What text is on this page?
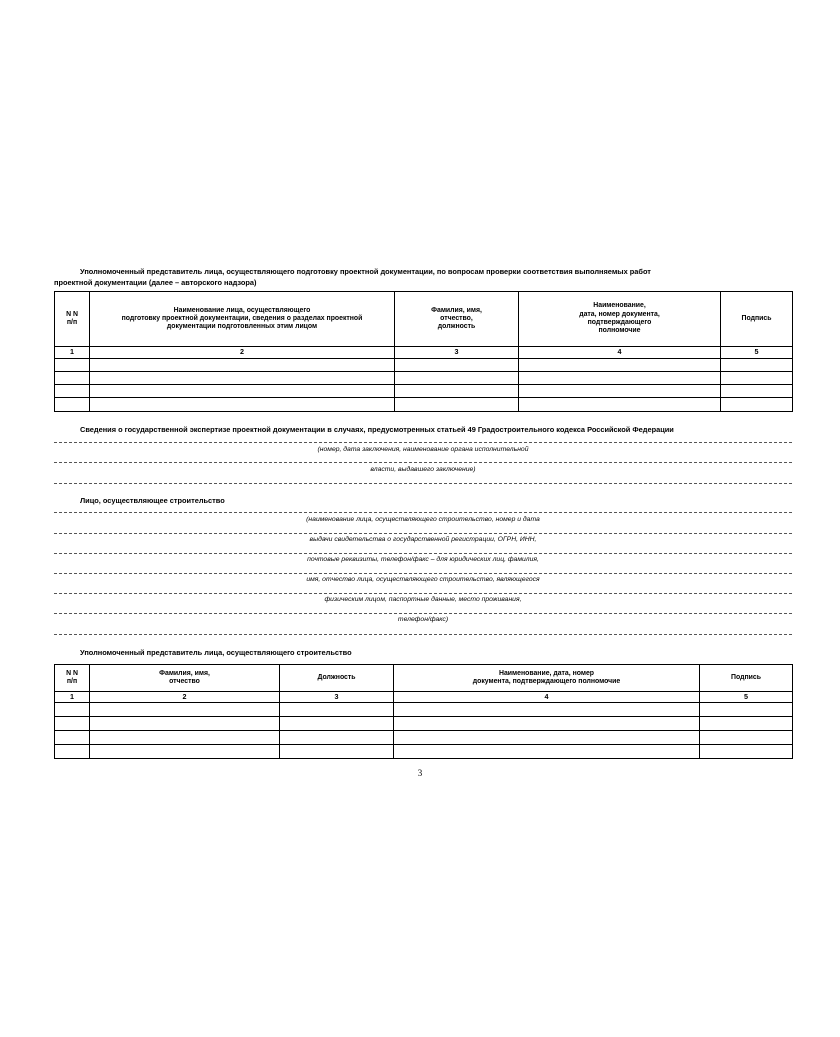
Уполномоченный представитель лица, осуществляющего подготовку проектной документации, по вопросам проверки соответствия выполняемых работ
проектной документации (далее – авторского надзора)
N N
п/п	Наименование лица, осуществляющего
подготовку проектной документации, сведения о разделах проектной
документации подготовленных этим лицом	Фамилия, имя,
отчество,
должность	Наименование,
дата, номер документа,
подтверждающего
полномочие	Подпись
1	2	3	4	5

Сведения о государственной экспертизе проектной документации в случаях, предусмотренных статьей 49 Градостроительного кодекса Российской Федерации
(номер, дата заключения, наименование органа исполнительной
власти, выдавшего заключение)
Лицо, осуществляющее строительство
(наименование лица, осуществляющего строительство, номер и дата
выдачи свидетельства о государственной регистрации, ОГРН, ИНН,
почтовые реквизиты, телефон/факс – для юридических лиц, фамилия,
имя, отчество лица, осуществляющего строительство, являющегося
физическим лицом, паспортные данные, место проживания,
телефон/факс)
Уполномоченный представитель лица, осуществляющего строительство
N N
п/п	Фамилия, имя,
отчество	Должность	Наименование, дата, номер
документа, подтверждающего полномочие	Подпись
1	2	3	4	5

3
